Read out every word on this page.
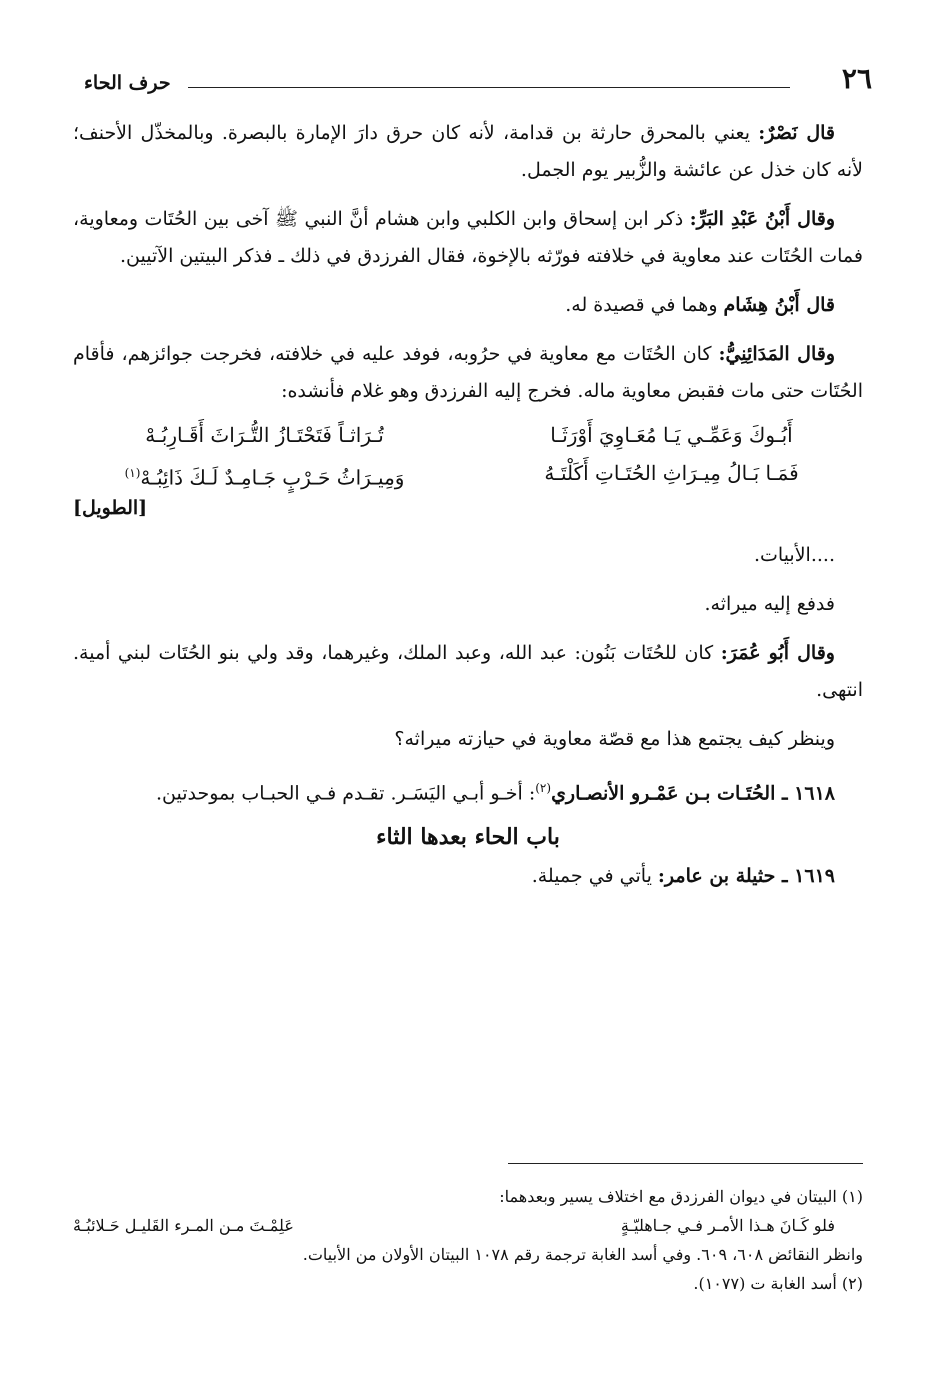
٢٦
حرف الحاء

قال نَصْرٌ: يعني بالمحرق حارثة بن قدامة، لأنه كان حرق دارَ الإمارة بالبصرة. وبالمخذّل الأحنف؛ لأنه كان خذل عن عائشة والزُّبير يوم الجمل.

وقال أَبْنُ عَبْدِ البَرِّ: ذكر ابن إسحاق وابن الكلبي وابن هشام أنَّ النبي ﷺ آخى بين الحُتَات ومعاوية، فمات الحُتَات عند معاوية في خلافته فورّثه بالإخوة، فقال الفرزدق في ذلك ـ فذكر البيتين الآتيين.

قال أَبْنُ هِشَام وهما في قصيدة له.

وقال المَدَائِنِيُّ: كان الحُتَات مع معاوية في حرُوبه، فوفد عليه في خلافته، فخرجت جوائزهم، فأقام الحُتَات حتى مات فقبض معاوية ماله. فخرج إليه الفرزدق وهو غلام فأنشده:

أَبُـوكَ وَعَمِّـي يَـا مُعَـاوِيَ أَوْرَثَـا
تُـرَاثـاً فَتَحْتَـازُ التُّـرَاثَ أَقَـارِبُـهْ
فَمَـا بَـالُ مِيـرَاثِ الحُتَـاتِ أَكَلْتَـهُ
وَمِيـرَاثُ حَـرْبٍ جَـامِـدٌ لَـكَ ذَائِبُـهْ$^{(١)}$
[الطويل]

....الأبيات.

فدفع إليه ميراثه.

وقال أَبُو عُمَرَ: كان للحُتَات بَنُون: عبد الله، وعبد الملك، وغيرهما، وقد ولي بنو الحُتَات لبني أمية. انتهى.

وينظر كيف يجتمع هذا مع قصّة معاوية في حيازته ميراثه؟

١٦١٨ ـ الحُتَـات بـن عَمْـرو الأنصـاري$^{(٢)}$: أخـو أبـي اليَسَـر. تقـدم فـي الحبـاب بموحدتين.

باب الحاء بعدها الثاء

١٦١٩ ـ حثيلة بن عامر: يأتي في جميلة.

(١) البيتان في ديوان الفرزدق مع اختلاف يسير وبعدهما:

فلو كَـانَ هـذا الأمـر فـي جـاهليّـةٍ
عَلِمْـتَ مـن المـرء القَليـل حَـلائبُـهْ

وانظر النقائض ٦٠٨، ٦٠٩. وفي أسد الغابة ترجمة رقم ١٠٧٨ البيتان الأولان من الأبيات.

(٢) أسد الغابة ت (١٠٧٧).
